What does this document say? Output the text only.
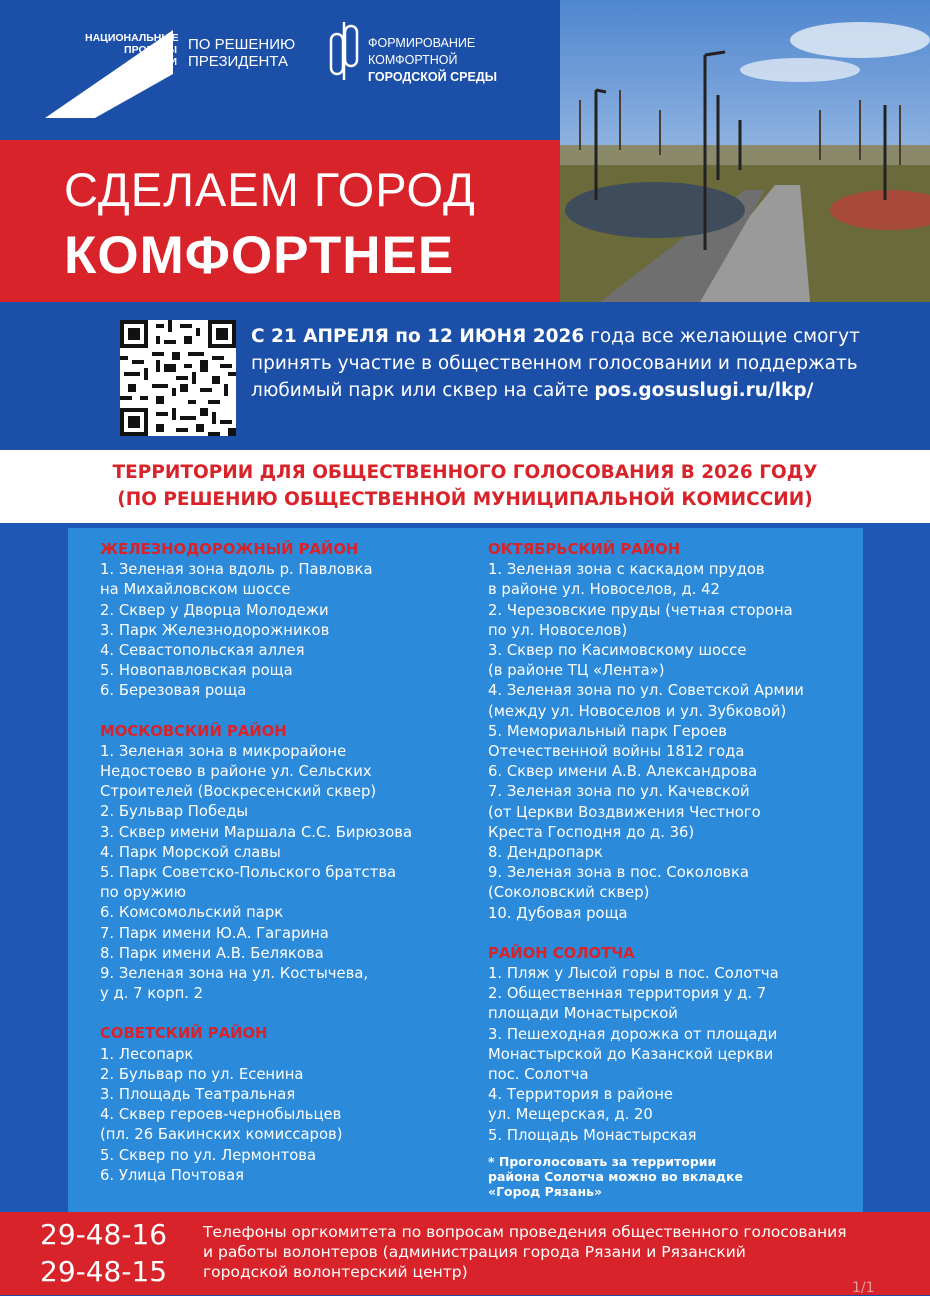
НАЦИОНАЛЬНЫЕ ПРОЕКТЫ РОССИИ
ПО РЕШЕНИЮ
ПРЕЗИДЕНТА
ФОРМИРОВАНИЕ
КОМФОРТНОЙ
ГОРОДСКОЙ СРЕДЫ
СДЕЛАЕМ ГОРОД
КОМФОРТНЕЕ
С 21 АПРЕЛЯ по 12 ИЮНЯ 2026 года все желающие смогут принять участие в общественном голосовании и поддержать любимый парк или сквер на сайте pos.gosuslugi.ru/lkp/
ТЕРРИТОРИИ ДЛЯ ОБЩЕСТВЕННОГО ГОЛОСОВАНИЯ В 2026 ГОДУ
(ПО РЕШЕНИЮ ОБЩЕСТВЕННОЙ МУНИЦИПАЛЬНОЙ КОМИССИИ)
ЖЕЛЕЗНОДОРОЖНЫЙ РАЙОН
1. Зеленая зона вдоль р. Павловка
на Михайловском шоссе
2. Сквер у Дворца Молодежи
3. Парк Железнодорожников
4. Севастопольская аллея
5. Новопавловская роща
6. Березовая роща
МОСКОВСКИЙ РАЙОН
1. Зеленая зона в микрорайоне
Недостоево в районе ул. Сельских
Строителей (Воскресенский сквер)
2. Бульвар Победы
3. Сквер имени Маршала С.С. Бирюзова
4. Парк Морской славы
5. Парк Советско-Польского братства
по оружию
6. Комсомольский парк
7. Парк имени Ю.А. Гагарина
8. Парк имени А.В. Белякова
9. Зеленая зона на ул. Костычева,
у д. 7 корп. 2
СОВЕТСКИЙ РАЙОН
1. Лесопарк
2. Бульвар по ул. Есенина
3. Площадь Театральная
4. Сквер героев-чернобыльцев
(пл. 26 Бакинских комиссаров)
5. Сквер по ул. Лермонтова
6. Улица Почтовая
ОКТЯБРЬСКИЙ РАЙОН
1. Зеленая зона с каскадом прудов
в районе ул. Новоселов, д. 42
2. Черезовские пруды (четная сторона
по ул. Новоселов)
3. Сквер по Касимовскому шоссе
(в районе ТЦ «Лента»)
4. Зеленая зона по ул. Советской Армии
(между ул. Новоселов и ул. Зубковой)
5. Мемориальный парк Героев
Отечественной войны 1812 года
6. Сквер имени А.В. Александрова
7. Зеленая зона по ул. Качевской
(от Церкви Воздвижения Честного
Креста Господня до д. 36)
8. Дендропарк
9. Зеленая зона в пос. Соколовка
(Соколовский сквер)
10. Дубовая роща
РАЙОН СОЛОТЧА
1. Пляж у Лысой горы в пос. Солотча
2. Общественная территория у д. 7
площади Монастырской
3. Пешеходная дорожка от площади
Монастырской до Казанской церкви
пос. Солотча
4. Территория в районе
ул. Мещерская, д. 20
5. Площадь Монастырская
* Проголосовать за территории
района Солотча можно во вкладке
«Город Рязань»
29-48-16
29-48-15
Телефоны оргкомитета по вопросам проведения общественного голосования
и работы волонтеров (администрация города Рязани и Рязанский
городской волонтерский центр)
1/1
